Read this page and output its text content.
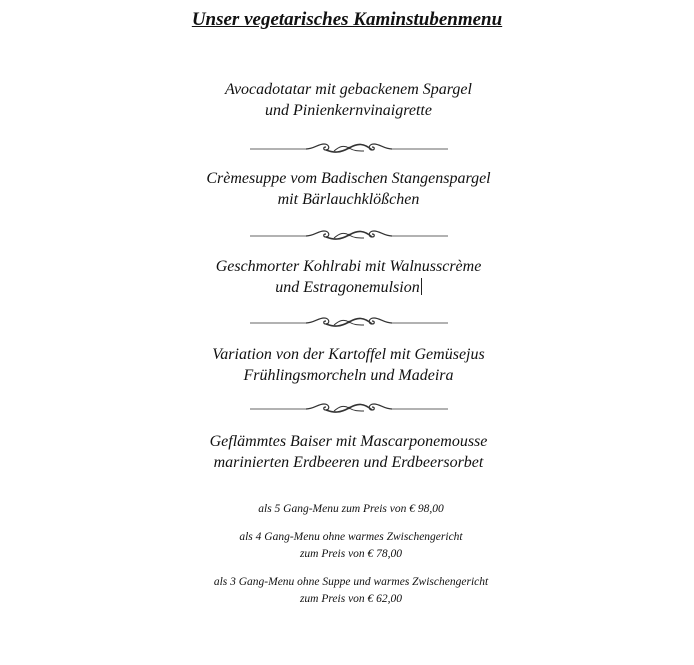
Unser vegetarisches Kaminstubenmenu
Avocadotatar mit gebackenem Spargel
und Pinienkernvinaigrette
Crèmesuppe vom Badischen Stangenspargel
mit Bärlauchklößchen
Geschmorter Kohlrabi mit Walnusscrème
und Estragonemulsion
Variation von der Kartoffel mit Gemüsejus
Frühlingsmorcheln und Madeira
Geflämmtes Baiser mit Mascarponemousse
marinierten Erdbeeren und Erdbeersorbet
als 5 Gang-Menu zum Preis von € 98,00
als 4 Gang-Menu ohne warmes Zwischengericht
zum Preis von € 78,00
als 3 Gang-Menu ohne Suppe und warmes Zwischengericht
zum Preis von € 62,00
